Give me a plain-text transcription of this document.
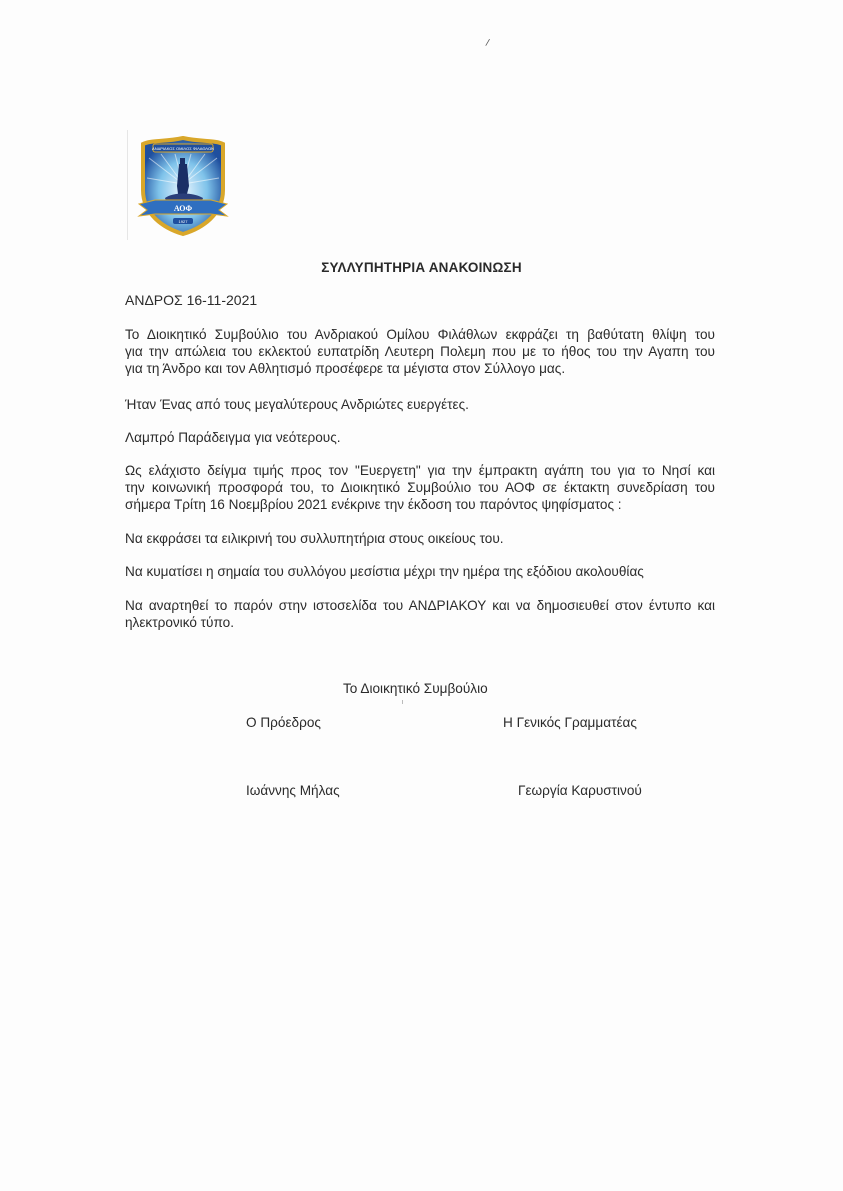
/
ΑΝΔΡΙΑΚΟΣ ΟΜΙΛΟΣ ΦΙΛΑΘΛΩΝ
ΑΟΦ
1927
ΣΥΛΛΥΠΗΤΗΡΙΑ ΑΝΑΚΟΙΝΩΣΗ
ΑΝΔΡΟΣ 16-11-2021
Το Διοικητικό Συμβούλιο του Ανδριακού Ομίλου Φιλάθλων εκφράζει τη βαθύτατη θλίψη του
για την απώλεια του εκλεκτού ευπατρίδη Λευτερη Πολεμη που με το ήθος του την Αγαπη του
για τη Άνδρο και τον Αθλητισμό προσέφερε τα μέγιστα στον Σύλλογο μας.
Ήταν Ένας από τους μεγαλύτερους Ανδριώτες ευεργέτες.
Λαμπρό Παράδειγμα για νεότερους.
Ως ελάχιστο δείγμα τιμής προς τον "Ευεργετη" για την έμπρακτη αγάπη του για το Νησί και
την κοινωνική προσφορά του, το Διοικητικό Συμβούλιο του ΑΟΦ σε έκτακτη συνεδρίαση του
σήμερα Τρίτη 16 Νοεμβρίου 2021 ενέκρινε την έκδοση του παρόντος ψηφίσματος :
Να εκφράσει τα ειλικρινή του συλλυπητήρια στους οικείους του.
Να κυματίσει η σημαία του συλλόγου μεσίστια μέχρι την ημέρα της εξόδιου ακολουθίας
Να αναρτηθεί το παρόν στην ιστοσελίδα του ΑΝΔΡΙΑΚΟΥ και να δημοσιευθεί στον έντυπο και
ηλεκτρονικό τύπο.
Το Διοικητικό Συμβούλιο
Ο Πρόεδρος	Η Γενικός Γραμματέας
Ιωάννης Μήλας	Γεωργία Καρυστινού
